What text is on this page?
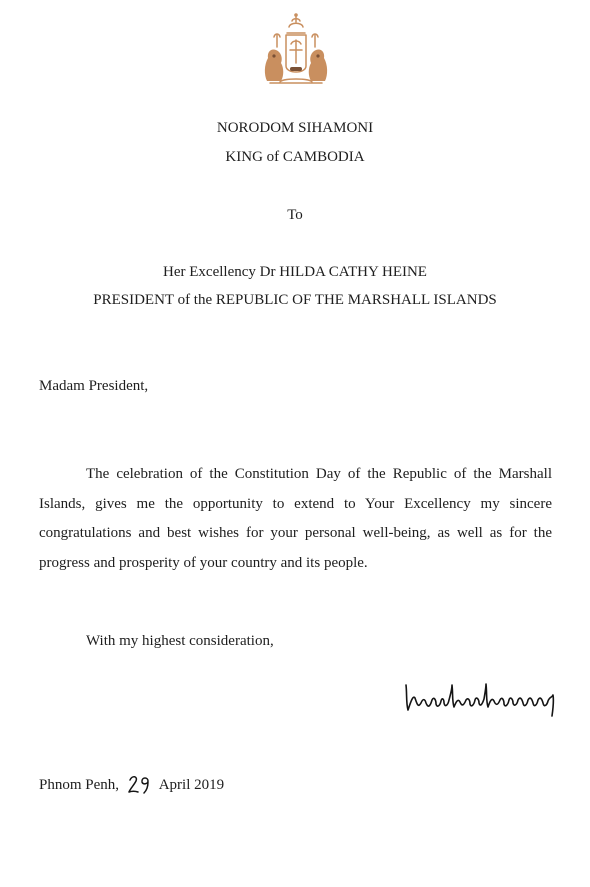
NORODOM SIHAMONI
KING of CAMBODIA
To
Her Excellency Dr HILDA CATHY HEINE
PRESIDENT of the REPUBLIC OF THE MARSHALL ISLANDS
Madam President,
The celebration of the Constitution Day of the Republic of the Marshall Islands, gives me the opportunity to extend to Your Excellency my sincere congratulations and best wishes for your personal well-being, as well as for the progress and prosperity of your country and its people.
With my highest consideration,
Phnom Penh,	April 2019
